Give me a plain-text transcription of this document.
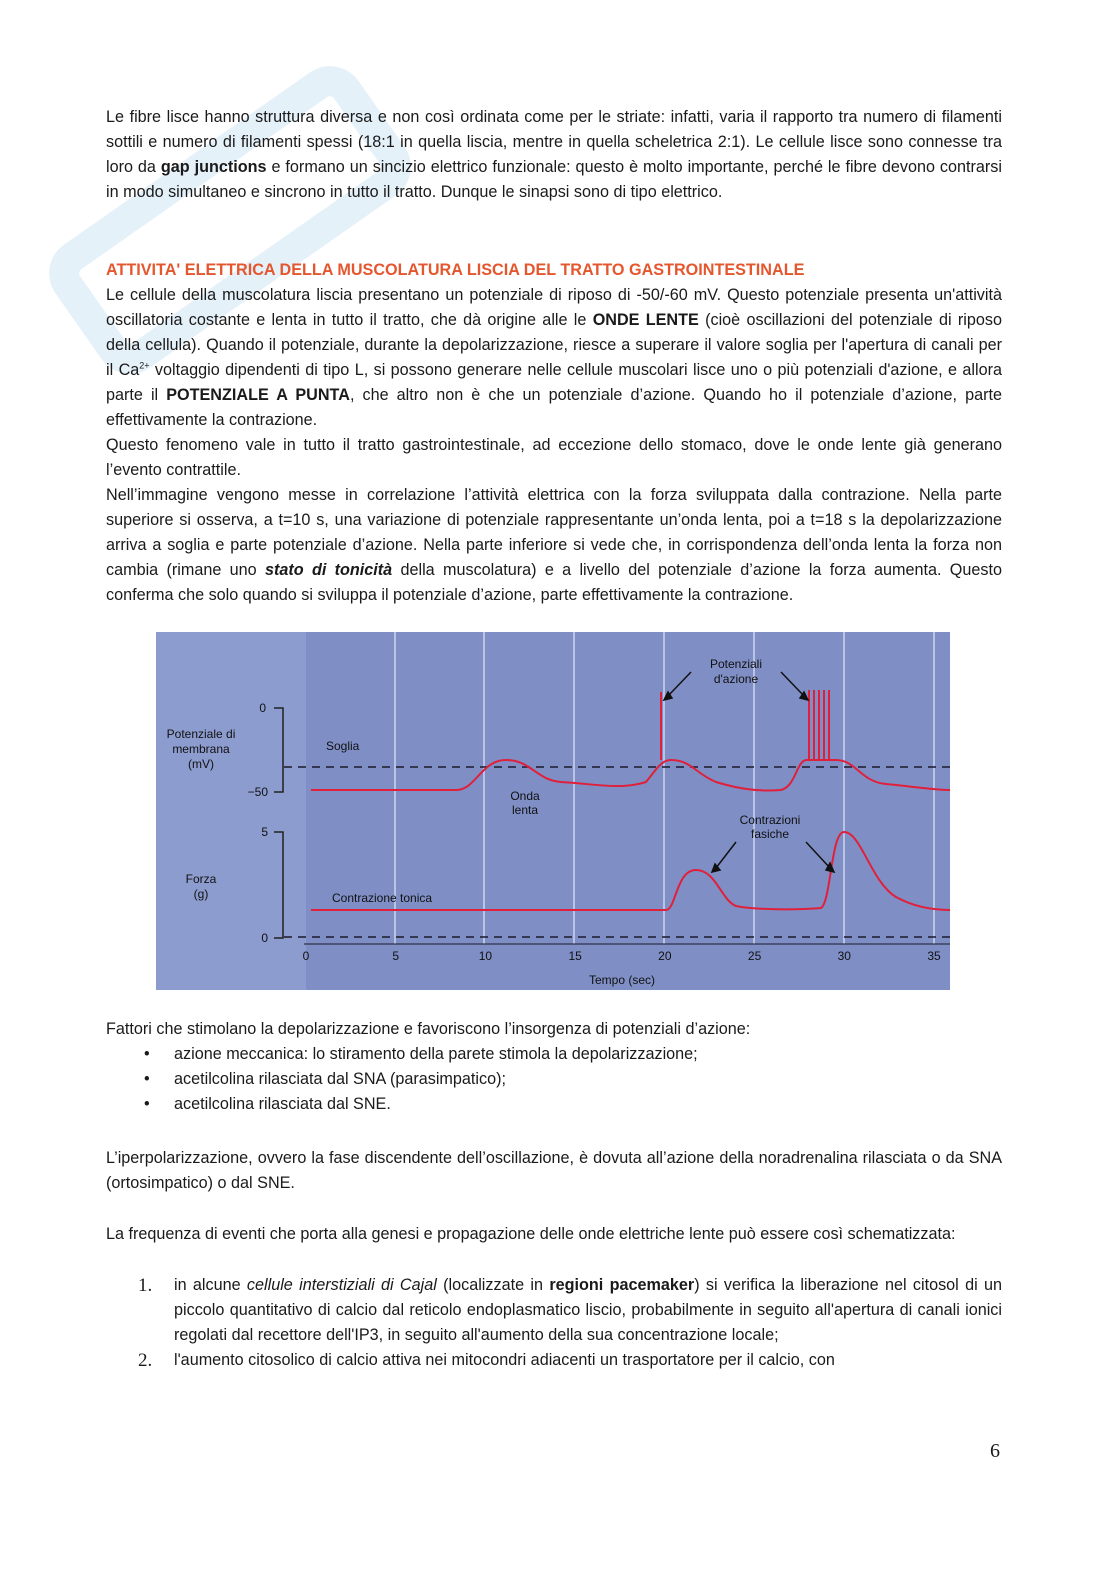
Le fibre lisce hanno struttura diversa e non così ordinata come per le striate: infatti, varia il rapporto tra numero di filamenti sottili e numero di filamenti spessi (18:1 in quella liscia, mentre in quella scheletrica 2:1). Le cellule lisce sono connesse tra loro da gap junctions e formano un sincizio elettrico funzionale: questo è molto importante, perché le fibre devono contrarsi in modo simultaneo e sincrono in tutto il tratto. Dunque le sinapsi sono di tipo elettrico.
ATTIVITA' ELETTRICA DELLA MUSCOLATURA LISCIA DEL TRATTO GASTROINTESTINALE
Le cellule della muscolatura liscia presentano un potenziale di riposo di -50/-60 mV. Questo potenziale presenta un'attività oscillatoria costante e lenta in tutto il tratto, che dà origine alle le ONDE LENTE (cioè oscillazioni del potenziale di riposo della cellula). Quando il potenziale, durante la depolarizzazione, riesce a superare il valore soglia per l'apertura di canali per il $Ca^{2+}$ voltaggio dipendenti di tipo L, si possono generare nelle cellule muscolari lisce uno o più potenziali d'azione, e allora parte il POTENZIALE A PUNTA, che altro non è che un potenziale d’azione. Quando ho il potenziale d’azione, parte effettivamente la contrazione.
Questo fenomeno vale in tutto il tratto gastrointestinale, ad eccezione dello stomaco, dove le onde lente già generano l’evento contrattile.
Nell’immagine vengono messe in correlazione l’attività elettrica con la forza sviluppata dalla contrazione. Nella parte superiore si osserva, a t=10 s, una variazione di potenziale rappresentante un’onda lenta, poi a t=18 s la depolarizzazione arriva a soglia e parte potenziale d’azione. Nella parte inferiore si vede che, in corrispondenza dell’onda lenta la forza non cambia (rimane uno stato di tonicità della muscolatura) e a livello del potenziale d’azione la forza aumenta. Questo conferma che solo quando si sviluppa il potenziale d’azione, parte effettivamente la contrazione.
0
−50
5
0
Potenziale di
membrana
(mV)
Forza
(g)
0	5	10	15	20	25	30	35
Tempo (sec)
Soglia
Onda
lenta
Potenziali
d'azione
Contrazioni
fasiche
Contrazione tonica
Fattori che stimolano la depolarizzazione e favoriscono l’insorgenza di potenziali d’azione:
• azione meccanica: lo stiramento della parete stimola la depolarizzazione;
• acetilcolina rilasciata dal SNA (parasimpatico);
• acetilcolina rilasciata dal SNE.
L’iperpolarizzazione, ovvero la fase discendente dell’oscillazione, è dovuta all’azione della noradrenalina rilasciata o da SNA (ortosimpatico) o dal SNE.
La frequenza di eventi che porta alla genesi e propagazione delle onde elettriche lente può essere così schematizzata:
1. in alcune cellule interstiziali di Cajal (localizzate in regioni pacemaker) si verifica la liberazione nel citosol di un piccolo quantitativo di calcio dal reticolo endoplasmatico liscio, probabilmente in seguito all'apertura di canali ionici regolati dal recettore dell'IP3, in seguito all'aumento della sua concentrazione locale;
2. l'aumento citosolico di calcio attiva nei mitocondri adiacenti un trasportatore per il calcio, con
6
